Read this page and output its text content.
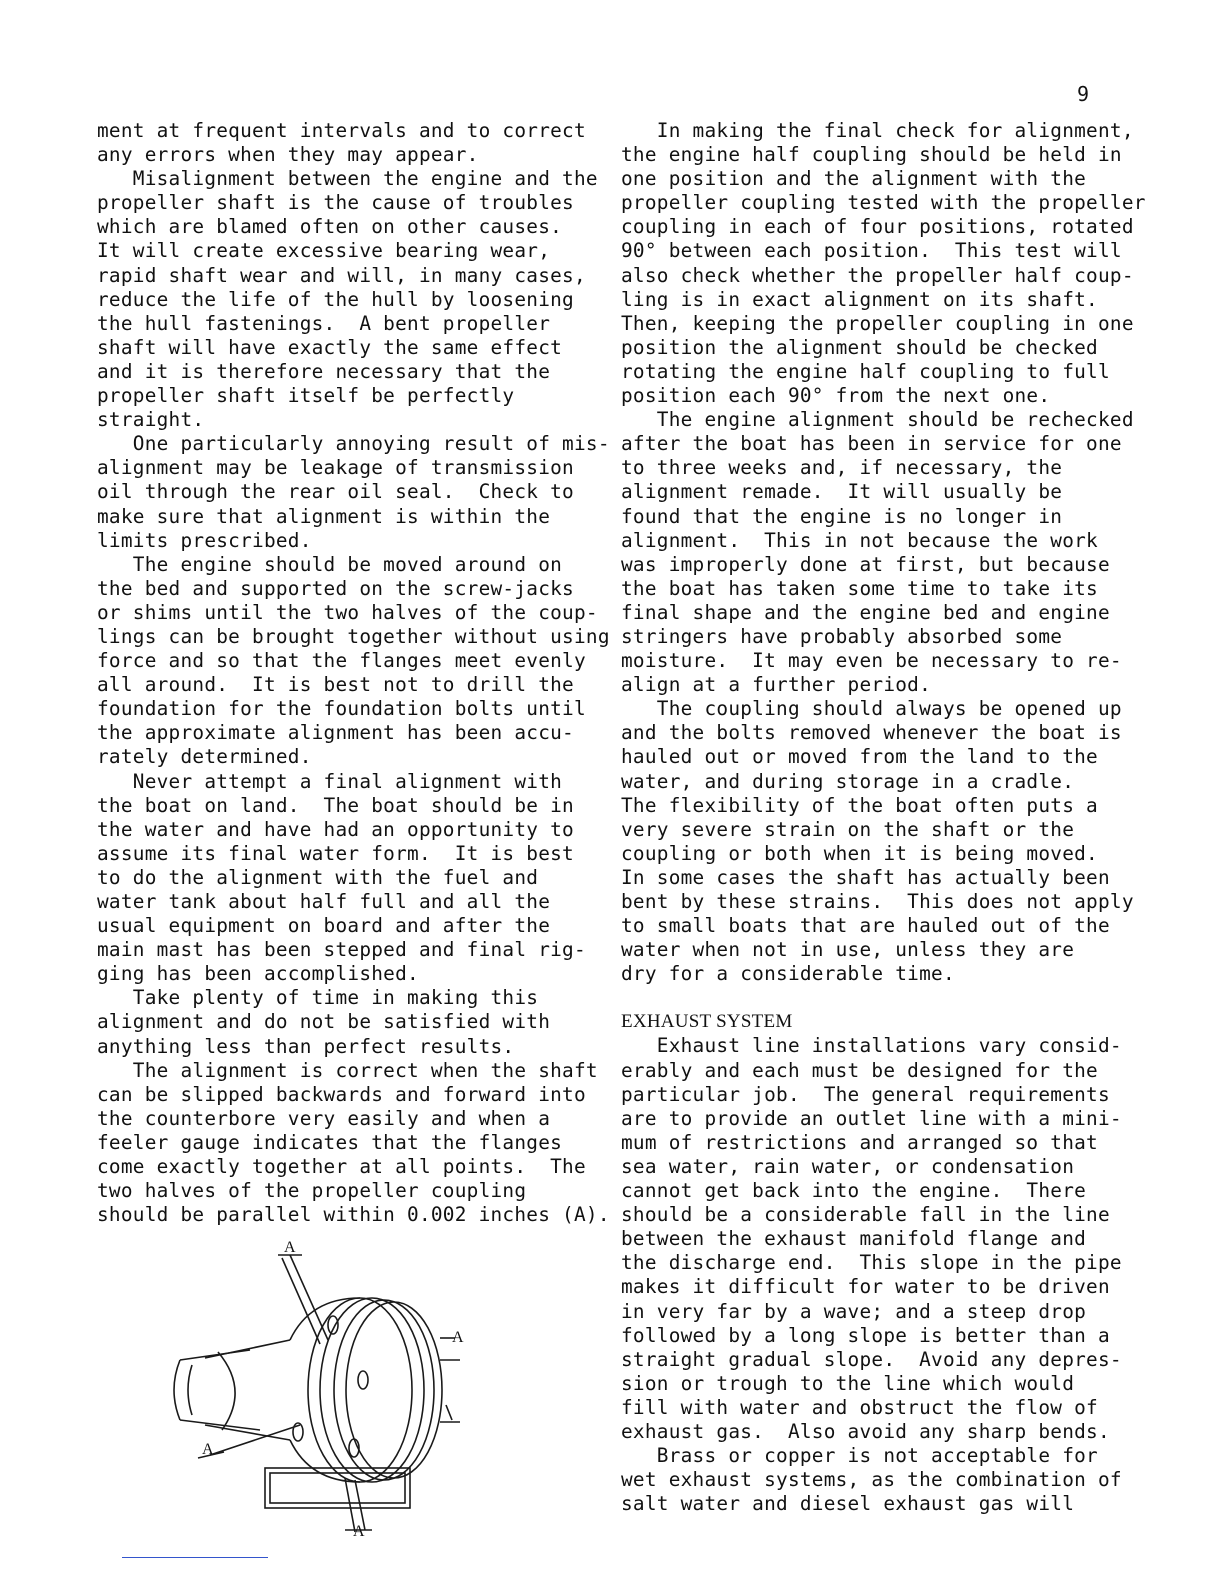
9

ment at frequent intervals and to correct
any errors when they may appear.

Misalignment between the engine and the
propeller shaft is the cause of troubles
which are blamed often on other causes.
It will create excessive bearing wear,
rapid shaft wear and will, in many cases,
reduce the life of the hull by loosening
the hull fastenings.  A bent propeller
shaft will have exactly the same effect
and it is therefore necessary that the
propeller shaft itself be perfectly
straight.

One particularly annoying result of mis-
alignment may be leakage of transmission
oil through the rear oil seal.  Check to
make sure that alignment is within the
limits prescribed.

The engine should be moved around on
the bed and supported on the screw-jacks
or shims until the two halves of the coup-
lings can be brought together without using
force and so that the flanges meet evenly
all around.  It is best not to drill the
foundation for the foundation bolts until
the approximate alignment has been accu-
rately determined.

Never attempt a final alignment with
the boat on land.  The boat should be in
the water and have had an opportunity to
assume its final water form.  It is best
to do the alignment with the fuel and
water tank about half full and all the
usual equipment on board and after the
main mast has been stepped and final rig-
ging has been accomplished.

Take plenty of time in making this
alignment and do not be satisfied with
anything less than perfect results.

The alignment is correct when the shaft
can be slipped backwards and forward into
the counterbore very easily and when a
feeler gauge indicates that the flanges
come exactly together at all points.  The
two halves of the propeller coupling
should be parallel within 0.002 inches (A).

In making the final check for alignment,
the engine half coupling should be held in
one position and the alignment with the
propeller coupling tested with the propeller
coupling in each of four positions, rotated
90° between each position.  This test will
also check whether the propeller half coup-
ling is in exact alignment on its shaft.
Then, keeping the propeller coupling in one
position the alignment should be checked
rotating the engine half coupling to full
position each 90° from the next one.

The engine alignment should be rechecked
after the boat has been in service for one
to three weeks and, if necessary, the
alignment remade.  It will usually be
found that the engine is no longer in
alignment.  This in not because the work
was improperly done at first, but because
the boat has taken some time to take its
final shape and the engine bed and engine
stringers have probably absorbed some
moisture.  It may even be necessary to re-
align at a further period.

The coupling should always be opened up
and the bolts removed whenever the boat is
hauled out or moved from the land to the
water, and during storage in a cradle.
The flexibility of the boat often puts a
very severe strain on the shaft or the
coupling or both when it is being moved.
In some cases the shaft has actually been
bent by these strains.  This does not apply
to small boats that are hauled out of the
water when not in use, unless they are
dry for a considerable time.

EXHAUST SYSTEM

Exhaust line installations vary consid-
erably and each must be designed for the
particular job.  The general requirements
are to provide an outlet line with a mini-
mum of restrictions and arranged so that
sea water, rain water, or condensation
cannot get back into the engine.  There
should be a considerable fall in the line
between the exhaust manifold flange and
the discharge end.  This slope in the pipe
makes it difficult for water to be driven
in very far by a wave; and a steep drop
followed by a long slope is better than a
straight gradual slope.  Avoid any depres-
sion or trough to the line which would
fill with water and obstruct the flow of
exhaust gas.  Also avoid any sharp bends.

Brass or copper is not acceptable for
wet exhaust systems, as the combination of
salt water and diesel exhaust gas will

A
A
A
A
